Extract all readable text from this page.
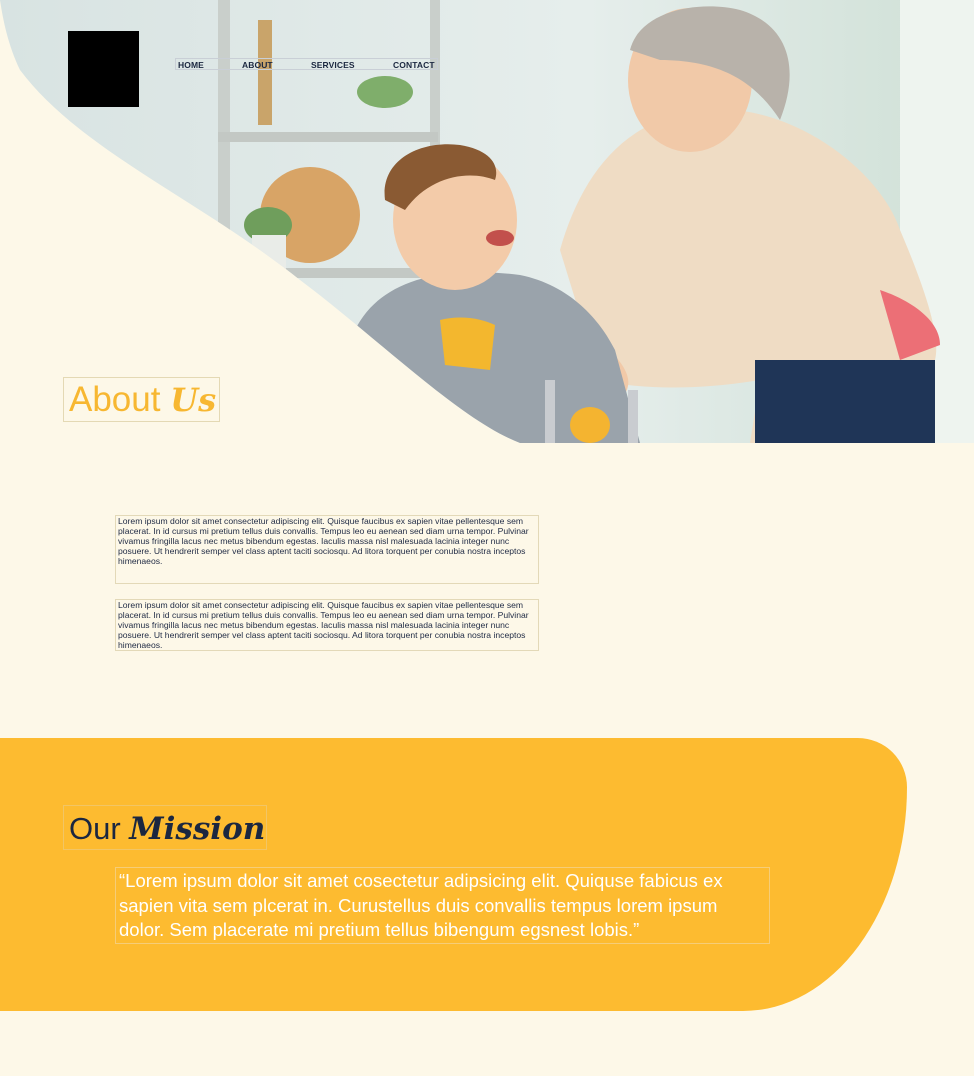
HOME	ABOUT	SERVICES	CONTACT
About Us

Lorem ipsum dolor sit amet consectetur adipiscing elit. Quisque faucibus ex sapien vitae pellentesque sem placerat. In id cursus mi pretium tellus duis convallis. Tempus leo eu aenean sed diam urna tempor. Pulvinar vivamus fringilla lacus nec metus bibendum egestas. Iaculis massa nisl malesuada lacinia integer nunc posuere. Ut hendrerit semper vel class aptent taciti sociosqu. Ad litora torquent per conubia nostra inceptos himenaeos.

Lorem ipsum dolor sit amet consectetur adipiscing elit. Quisque faucibus ex sapien vitae pellentesque sem placerat. In id cursus mi pretium tellus duis convallis. Tempus leo eu aenean sed diam urna tempor. Pulvinar vivamus fringilla lacus nec metus bibendum egestas. Iaculis massa nisl malesuada lacinia integer nunc posuere. Ut hendrerit semper vel class aptent taciti sociosqu. Ad litora torquent per conubia nostra inceptos himenaeos.

Our Mission

“Lorem ipsum dolor sit amet cosectetur adipsicing elit. Quiquse fabicus ex sapien vita sem plcerat in. Curustellus duis convallis tempus lorem ipsum dolor. Sem placerate mi pretium tellus bibengum egsnest lobis.”
